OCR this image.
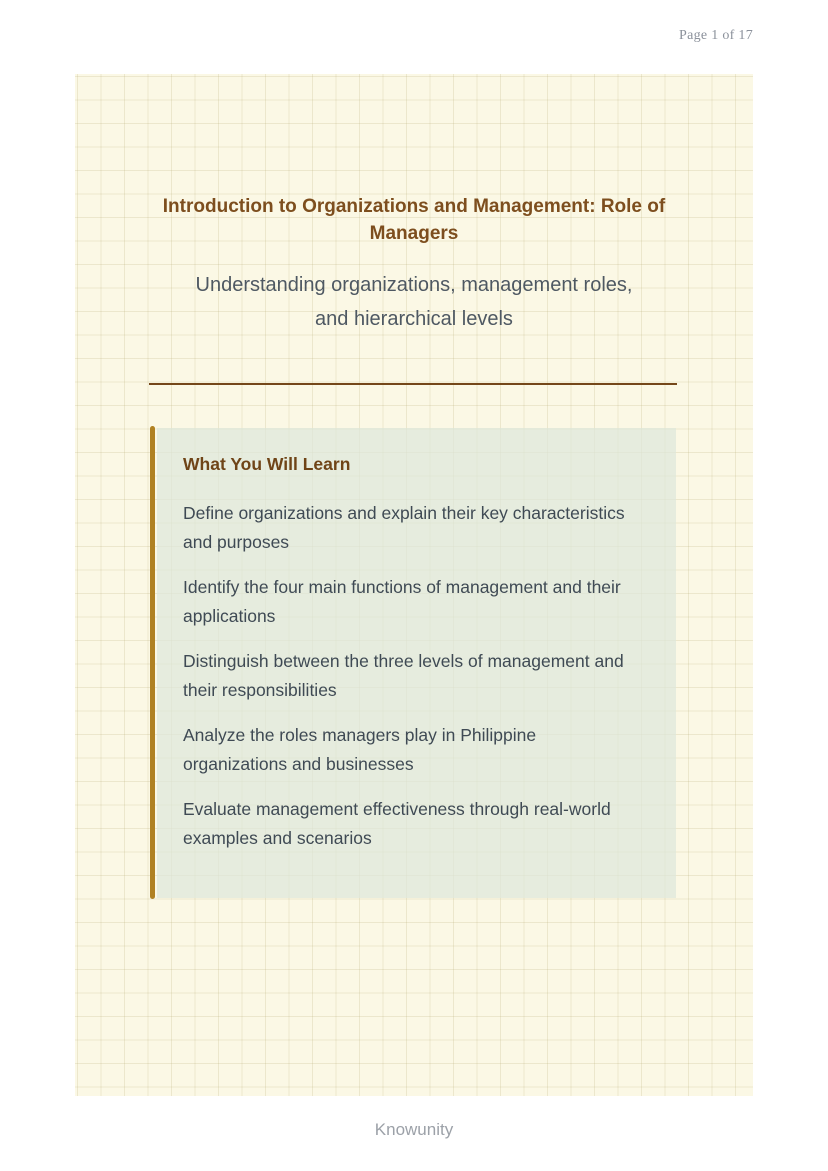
Page 1 of 17
Introduction to Organizations and Management: Role of Managers
Understanding organizations, management roles, and hierarchical levels
What You Will Learn

Define organizations and explain their key characteristics and purposes

Identify the four main functions of management and their applications

Distinguish between the three levels of management and their responsibilities

Analyze the roles managers play in Philippine organizations and businesses

Evaluate management effectiveness through real-world examples and scenarios

Knowunity
